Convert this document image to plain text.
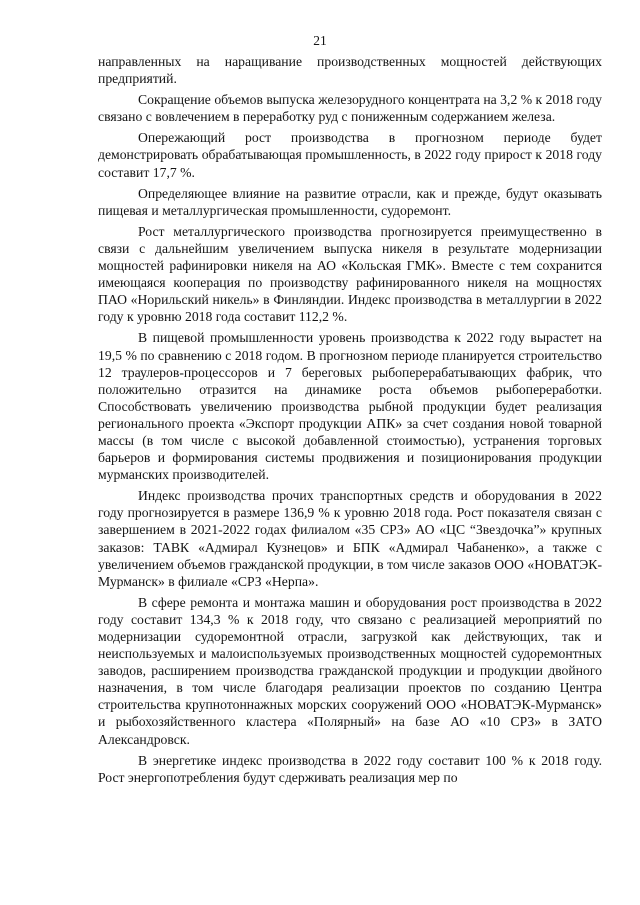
21

направленных на наращивание производственных мощностей действующих предприятий.

Сокращение объемов выпуска железорудного концентрата на 3,2 % к 2018 году связано с вовлечением в переработку руд с пониженным содержанием железа.

Опережающий рост производства в прогнозном периоде будет демонстрировать обрабатывающая промышленность, в 2022 году прирост к 2018 году составит 17,7 %.

Определяющее влияние на развитие отрасли, как и прежде, будут оказывать пищевая и металлургическая промышленности, судоремонт.

Рост металлургического производства прогнозируется преимущественно в связи с дальнейшим увеличением выпуска никеля в результате модернизации мощностей рафинировки никеля на АО «Кольская ГМК». Вместе с тем сохранится имеющаяся кооперация по производству рафинированного никеля на мощностях ПАО «Норильский никель» в Финляндии. Индекс производства в металлургии в 2022 году к уровню 2018 года составит 112,2 %.

В пищевой промышленности уровень производства к 2022 году вырастет на 19,5 % по сравнению с 2018 годом. В прогнозном периоде планируется строительство 12 траулеров-процессоров и 7 береговых рыбоперерабатывающих фабрик, что положительно отразится на динамике роста объемов рыбопереработки. Способствовать увеличению производства рыбной продукции будет реализация регионального проекта «Экспорт продукции АПК» за счет создания новой товарной массы (в том числе с высокой добавленной стоимостью), устранения торговых барьеров и формирования системы продвижения и позиционирования продукции мурманских производителей.

Индекс производства прочих транспортных средств и оборудования в 2022 году прогнозируется в размере 136,9 % к уровню 2018 года. Рост показателя связан с завершением в 2021-2022 годах филиалом «35 СРЗ» АО «ЦС “Звездочка”» крупных заказов: ТАВК «Адмирал Кузнецов» и БПК «Адмирал Чабаненко», а также с увеличением объемов гражданской продукции, в том числе заказов ООО «НОВАТЭК-Мурманск» в филиале «СРЗ «Нерпа».

В сфере ремонта и монтажа машин и оборудования рост производства в 2022 году составит 134,3 % к 2018 году, что связано с реализацией мероприятий по модернизации судоремонтной отрасли, загрузкой как действующих, так и неиспользуемых и малоиспользуемых производственных мощностей судоремонтных заводов, расширением производства гражданской продукции и продукции двойного назначения, в том числе благодаря реализации проектов по созданию Центра строительства крупнотоннажных морских сооружений ООО «НОВАТЭК-Мурманск» и рыбохозяйственного кластера «Полярный» на базе АО «10 СРЗ» в ЗАТО Александровск.

В энергетике индекс производства в 2022 году составит 100 % к 2018 году. Рост энергопотребления будут сдерживать реализация мер по
